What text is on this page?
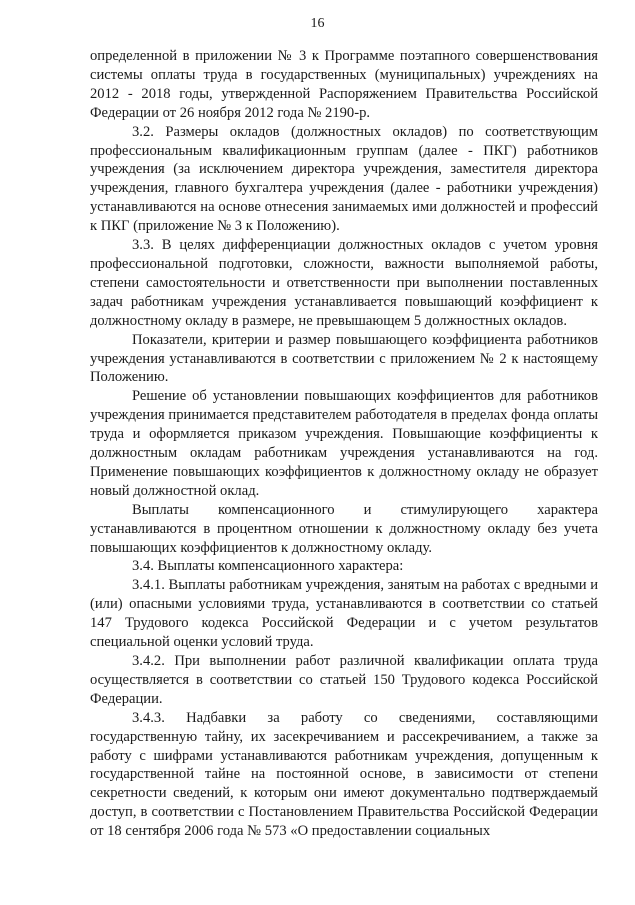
16

определенной в приложении № 3 к Программе поэтапного совершенствования системы оплаты труда в государственных (муниципальных) учреждениях на 2012 - 2018 годы, утвержденной Распоряжением Правительства Российской Федерации от 26 ноября 2012 года № 2190-р.

3.2. Размеры окладов (должностных окладов) по соответствующим профессиональным квалификационным группам (далее - ПКГ) работников учреждения (за исключением директора учреждения, заместителя директора учреждения, главного бухгалтера учреждения (далее - работники учреждения) устанавливаются на основе отнесения занимаемых ими должностей и профессий к ПКГ (приложение № 3 к Положению).

3.3. В целях дифференциации должностных окладов с учетом уровня профессиональной подготовки, сложности, важности выполняемой работы, степени самостоятельности и ответственности при выполнении поставленных задач работникам учреждения устанавливается повышающий коэффициент к должностному окладу в размере, не превышающем 5 должностных окладов.

Показатели, критерии и размер повышающего коэффициента работников учреждения устанавливаются в соответствии с приложением № 2 к настоящему Положению.

Решение об установлении повышающих коэффициентов для работников учреждения принимается представителем работодателя в пределах фонда оплаты труда и оформляется приказом учреждения. Повышающие коэффициенты к должностным окладам работникам учреждения устанавливаются на год. Применение повышающих коэффициентов к должностному окладу не образует новый должностной оклад.

Выплаты компенсационного и стимулирующего характера устанавливаются в процентном отношении к должностному окладу без учета повышающих коэффициентов к должностному окладу.

3.4. Выплаты компенсационного характера:

3.4.1. Выплаты работникам учреждения, занятым на работах с вредными и (или) опасными условиями труда, устанавливаются в соответствии со статьей 147 Трудового кодекса Российской Федерации и с учетом результатов специальной оценки условий труда.

3.4.2. При выполнении работ различной квалификации оплата труда осуществляется в соответствии со статьей 150 Трудового кодекса Российской Федерации.

3.4.3. Надбавки за работу со сведениями, составляющими государственную тайну, их засекречиванием и рассекречиванием, а также за работу с шифрами устанавливаются работникам учреждения, допущенным к государственной тайне на постоянной основе, в зависимости от степени секретности сведений, к которым они имеют документально подтверждаемый доступ, в соответствии с Постановлением Правительства Российской Федерации от 18 сентября 2006 года № 573 «О предоставлении социальных
